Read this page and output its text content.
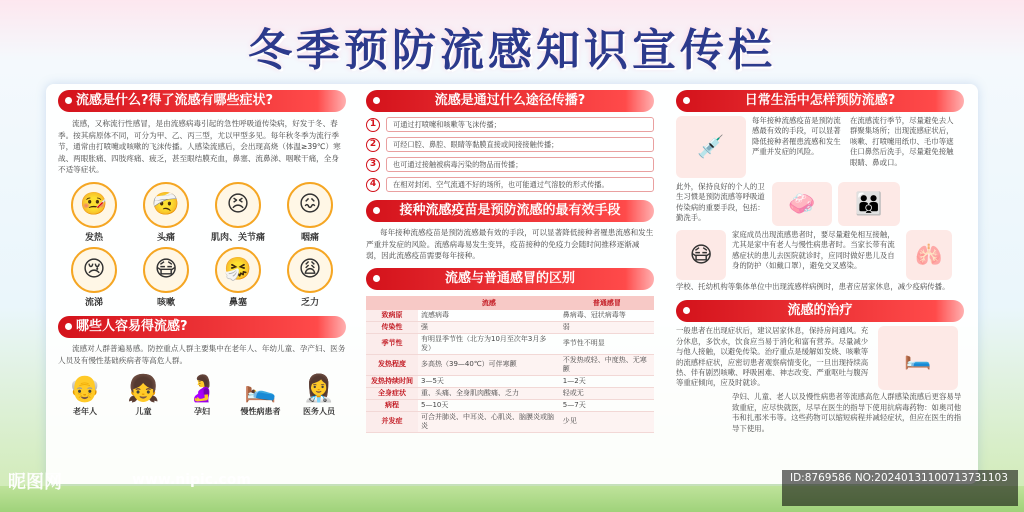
冬季预防流感知识宣传栏
流感是什么?得了流感有哪些症状?

流感，又称流行性感冒，是由流感病毒引起的急性呼吸道传染病，好发于冬、春季。按其病原体不同，可分为甲、乙、丙三型，尤以甲型多见。每年秋冬季为流行季节，通常由打喷嚏或咳嗽的飞沫传播。人感染流感后，会出现高烧（体温≥39℃）寒战、两眼胀痛、四肢疼痛、疲乏，甚至眼结膜充血，鼻塞、流鼻涕、咽喉干痛，全身不适等症状。

🤒
发热
🤕
头痛
😣
肌肉、关节痛
😖
咽痛
😢
流涕
😷
咳嗽
🤧
鼻塞
😩
乏力
哪些人容易得流感?

流感对人群普遍易感。防控重点人群主要集中在老年人、年幼儿童、孕产妇、医务人员及有慢性基础疾病者等高危人群。

👴
老年人
👧
儿童
🤰
孕妇
🛌
慢性病患者
👩‍⚕️
医务人员
流感是通过什么途径传播?
1	可通过打喷嚏和咳嗽等飞沫传播；
2	可经口腔、鼻腔、眼睛等黏膜直接或间接接触传播；
3	也可通过接触被病毒污染的物品而传播；
4	在相对封闭、空气流通不好的场所，也可能通过气溶胶的形式传播。
接种流感疫苗是预防流感的最有效手段

每年接种流感疫苗是预防流感最有效的手段，可以显著降低接种者罹患流感和发生严重并发症的风险。流感病毒易发生变异，疫苗接种的免疫力会随时间推移逐渐减弱，因此流感疫苗需要每年接种。

流感与普通感冒的区别
	流感	普通感冒
致病原	流感病毒	鼻病毒、冠状病毒等
传染性	强	弱
季节性	有明显季节性（北方为10月至次年3月多发）	季节性不明显
发热程度	多高热（39—40℃）可伴寒颤	不发热或轻、中度热、无寒颤
发热持续时间	3—5天	1—2天
全身症状	重、头痛、全身肌肉酸痛、乏力	轻或无
病程	5—10天	5—7天
并发症	可合并肺炎、中耳炎、心肌炎、脑膜炎或脑炎	少见
日常生活中怎样预防流感?
💉

每年接种流感疫苗是预防流感最有效的手段，可以显著降低接种者罹患流感和发生严重并发症的风险。

在流感流行季节，尽量避免去人群聚集场所；出现流感症状后，咳嗽、打喷嚏用纸巾、毛巾等遮住口鼻然后洗手，尽量避免接触眼睛、鼻或口。

此外，保持良好的个人的卫生习惯是预防流感等呼吸道传染病的重要手段，包括：勤洗手。

🧼	👪
😷

家庭成员出现流感患者时，要尽量避免相互接触，尤其是家中有老人与慢性病患者时。当家长带有流感症状的患儿去医院就诊时，应同时做好患儿及自身的防护（如戴口罩），避免交叉感染。	🫁

学校、托幼机构等集体单位中出现流感样病例时，患者应居家休息，减少疫病传播。

流感的治疗

一般患者在出现症状后，建议居家休息，保持房间通风。充分休息，多饮水，饮食应当易于消化和富有营养。尽量减少与他人接触，以避免传染。治疗重点是缓解如发烧、咳嗽等的流感样症状，应密切患者观察病情变化，一旦出现持续高热、伴有剧烈咳嗽、呼吸困难、神志改变、严重呕吐与腹泻等重症倾向，应及时就诊。

🛏️

孕妇、儿童、老人以及慢性病患者等流感高危人群感染流感后更容易导致重症，应尽快就医，尽早在医生的指导下使用抗病毒药物：如奥司他韦和扎那米韦等。这些药物可以缩短病程并减轻症状，但应在医生的指导下使用。

昵图网	www.nipic.com	ID:8769586 NO:20240131100713731103
